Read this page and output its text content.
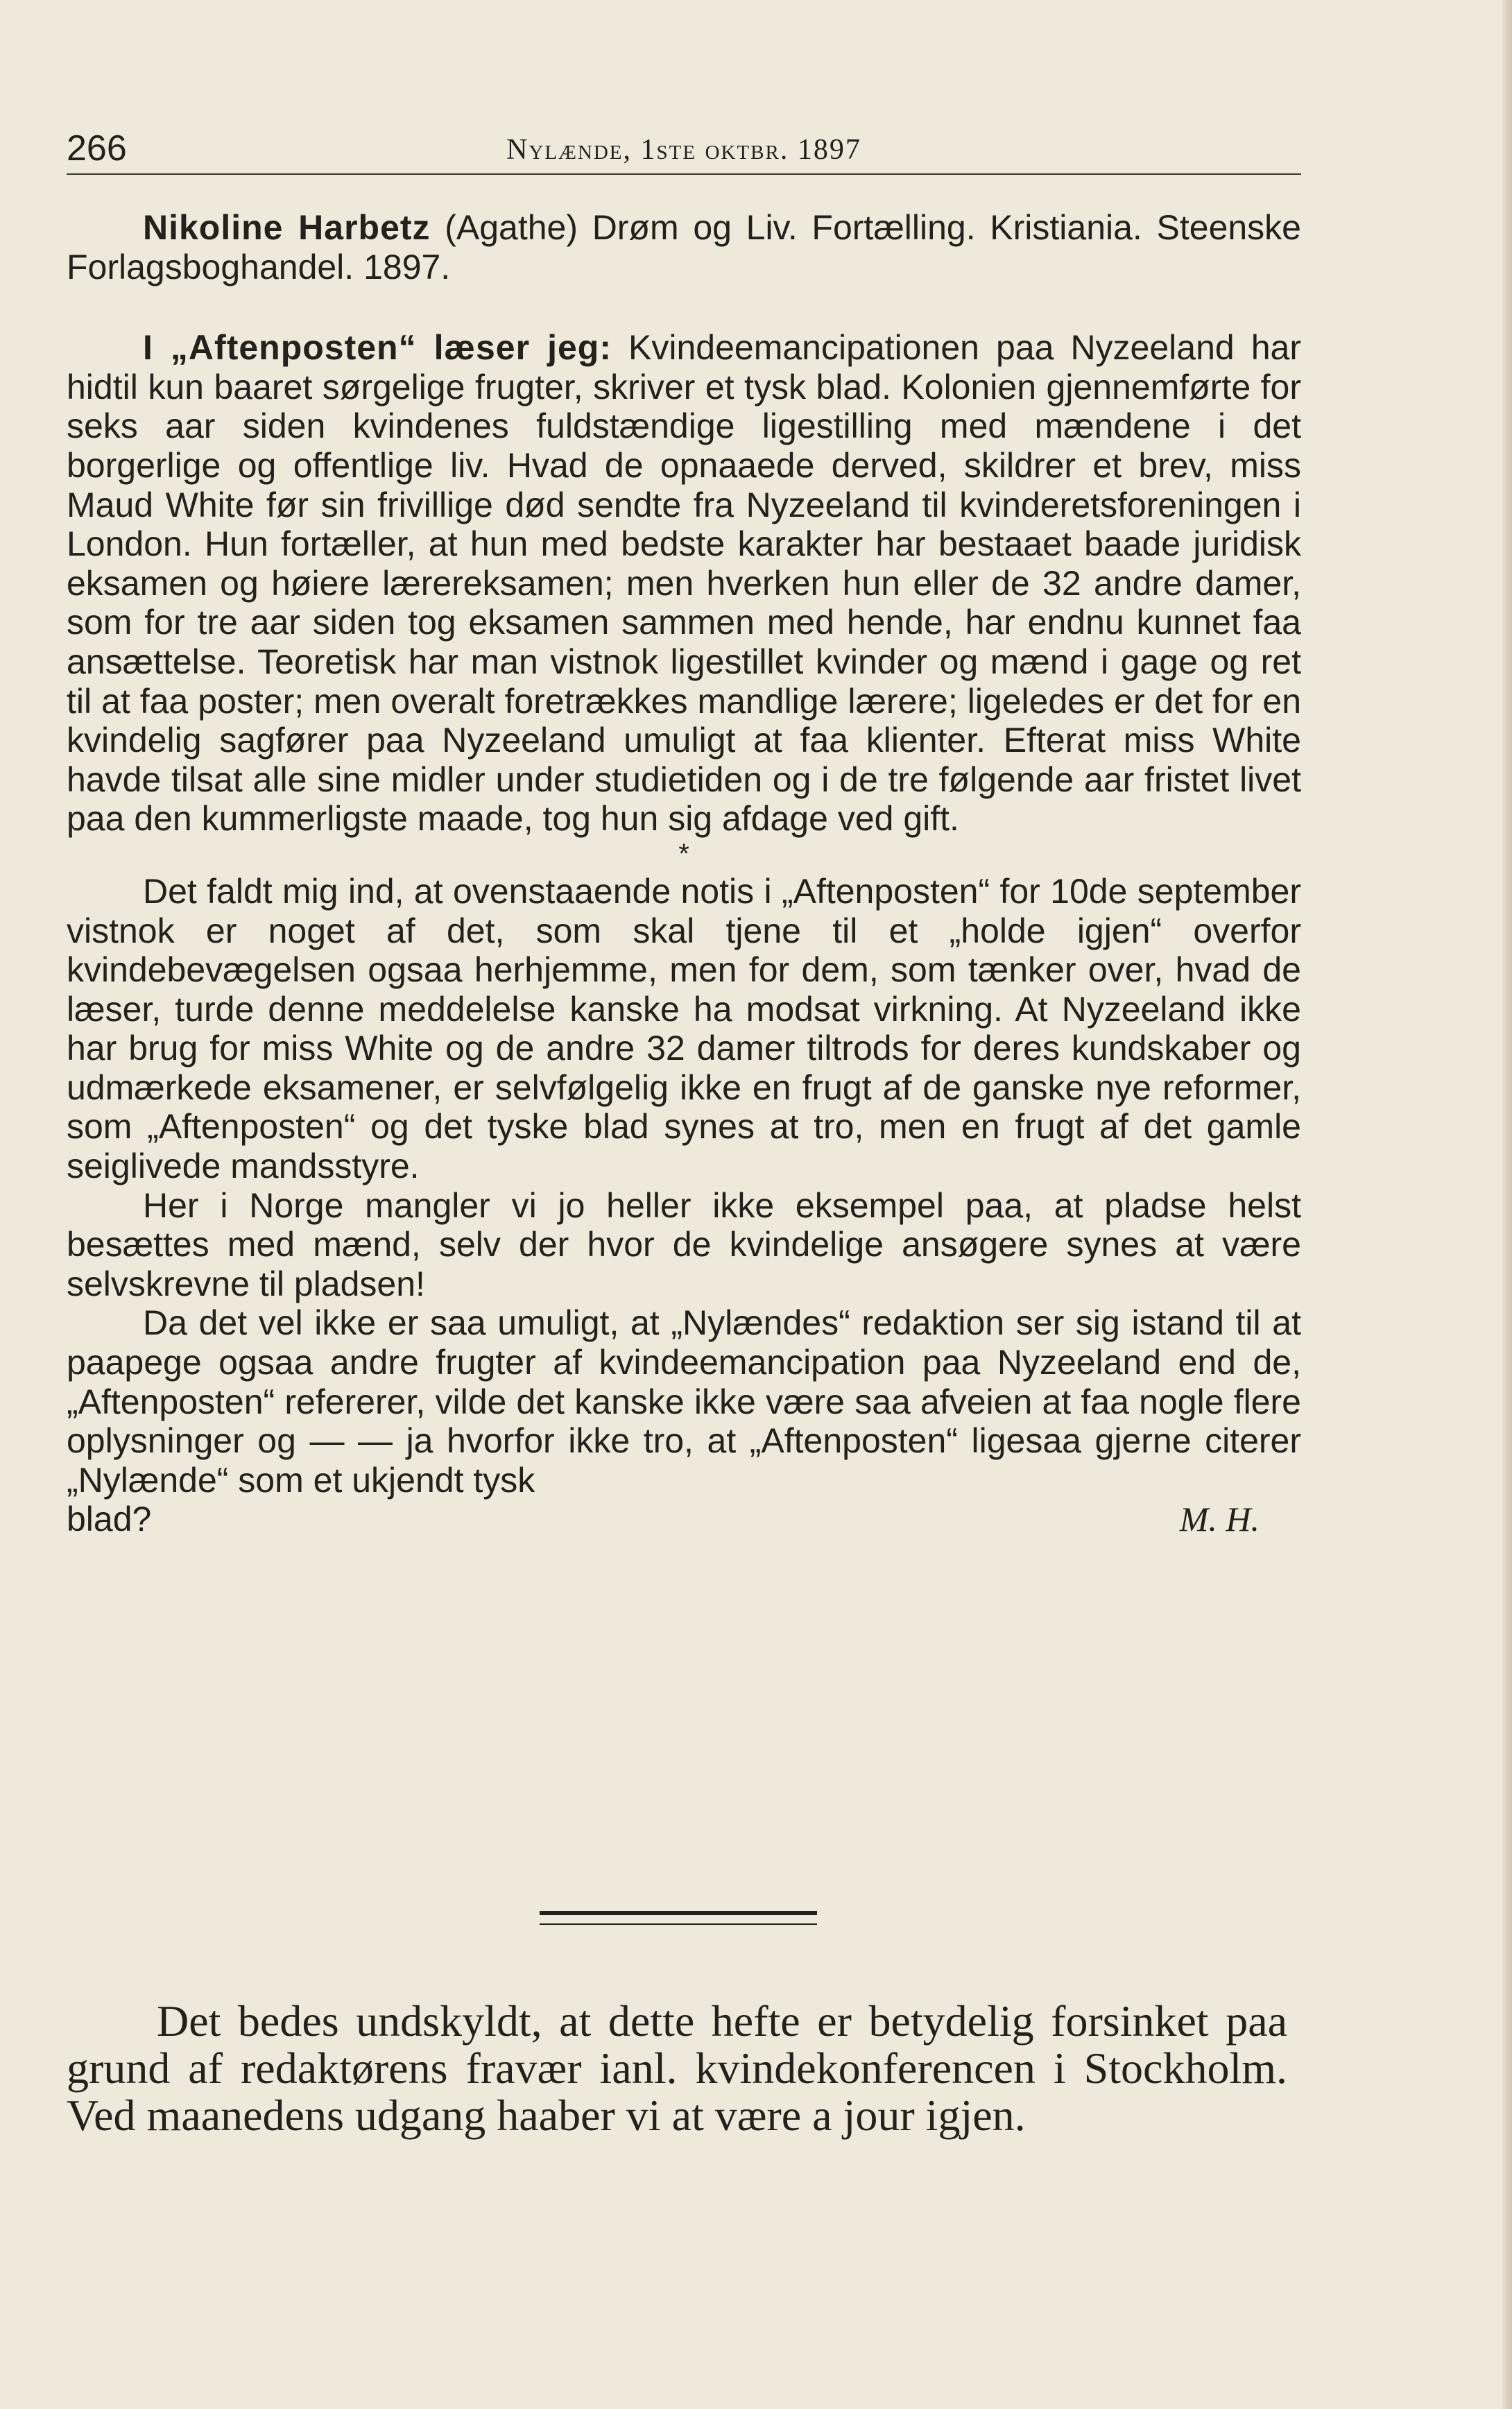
266	Nylænde, 1ste oktbr. 1897

Nikoline Harbetz (Agathe) Drøm og Liv. Fortælling. Kristiania. Steenske Forlagsboghandel. 1897.

I „Aftenposten“ læser jeg: Kvindeemancipationen paa Nyzeeland har hidtil kun baaret sørgelige frugter, skriver et tysk blad. Kolonien gjennemførte for seks aar siden kvindenes fuldstændige ligestilling med mændene i det borgerlige og offentlige liv. Hvad de opnaaede derved, skildrer et brev, miss Maud White før sin frivillige død sendte fra Nyzeeland til kvinderetsforeningen i London. Hun fortæller, at hun med bedste karakter har bestaaet baade juridisk eksamen og høiere lærereksamen; men hverken hun eller de 32 andre damer, som for tre aar siden tog eksamen sammen med hende, har endnu kunnet faa ansættelse. Teoretisk har man vistnok ligestillet kvinder og mænd i gage og ret til at faa poster; men overalt foretrækkes mandlige lærere; ligeledes er det for en kvindelig sagfører paa Nyzeeland umuligt at faa klienter. Efterat miss White havde tilsat alle sine midler under studietiden og i de tre følgende aar fristet livet paa den kummerligste maade, tog hun sig afdage ved gift.

*

Det faldt mig ind, at ovenstaaende notis i „Aftenposten“ for 10de september vistnok er noget af det, som skal tjene til et „holde igjen“ overfor kvindebevægelsen ogsaa herhjemme, men for dem, som tænker over, hvad de læser, turde denne meddelelse kanske ha modsat virkning. At Nyzeeland ikke har brug for miss White og de andre 32 damer tiltrods for deres kundskaber og udmærkede eksamener, er selvfølgelig ikke en frugt af de ganske nye reformer, som „Aftenposten“ og det tyske blad synes at tro, men en frugt af det gamle seiglivede mandsstyre.

Her i Norge mangler vi jo heller ikke eksempel paa, at pladse helst besættes med mænd, selv der hvor de kvindelige ansøgere synes at være selvskrevne til pladsen!

Da det vel ikke er saa umuligt, at „Nylændes“ redaktion ser sig istand til at paapege ogsaa andre frugter af kvindeemancipation paa Nyzeeland end de, „Aftenposten“ refererer, vilde det kanske ikke være saa afveien at faa nogle flere oplysninger og — — ja hvorfor ikke tro, at „Aftenposten“ ligesaa gjerne citerer „Nylænde“ som et ukjendt tysk

blad?	M. H.

Det bedes undskyldt, at dette hefte er betydelig forsinket paa grund af redaktørens fravær ianl. kvindekonferencen i Stockholm. Ved maanedens udgang haaber vi at være a jour igjen.
